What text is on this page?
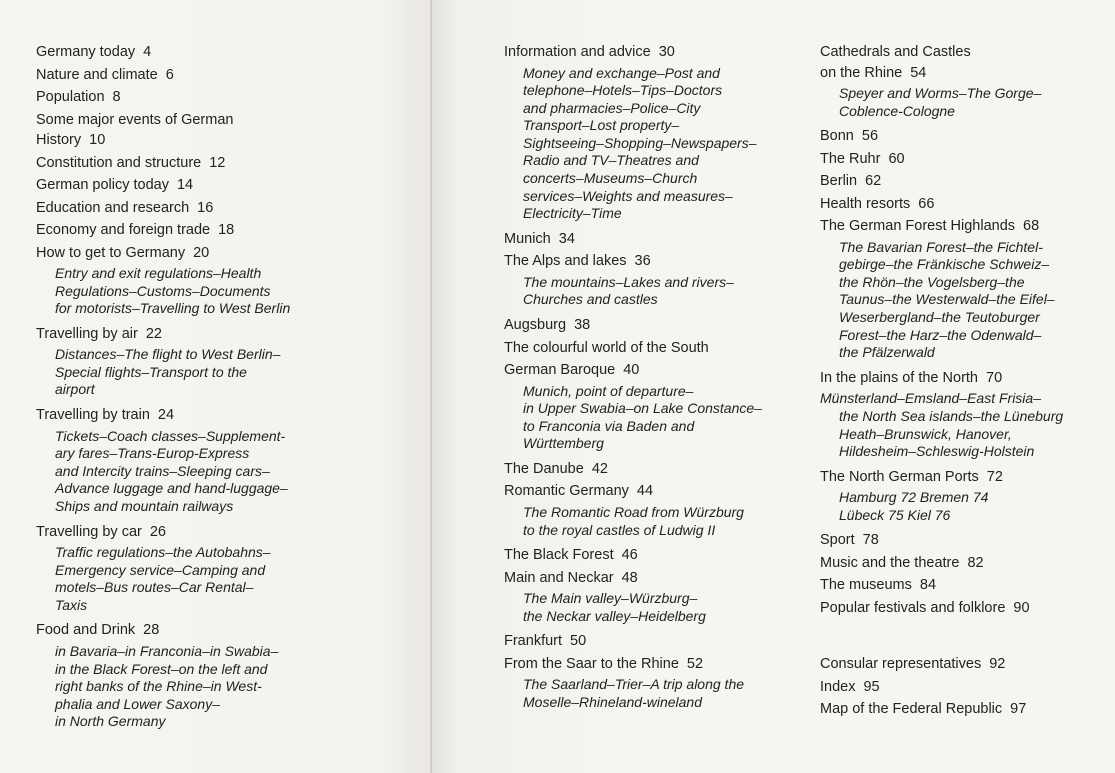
Germany today 4
Nature and climate 6
Population 8
Some major events of German
History 10
Constitution and structure 12
German policy today 14
Education and research 16
Economy and foreign trade 18
How to get to Germany 20
Entry and exit regulations–Health
Regulations–Customs–Documents
for motorists–Travelling to West Berlin
Travelling by air 22
Distances–The flight to West Berlin–
Special flights–Transport to the
airport
Travelling by train 24
Tickets–Coach classes–Supplement-
ary fares–Trans-Europ-Express
and Intercity trains–Sleeping cars–
Advance luggage and hand-luggage–
Ships and mountain railways
Travelling by car 26
Traffic regulations–the Autobahns–
Emergency service–Camping and
motels–Bus routes–Car Rental–
Taxis
Food and Drink 28
in Bavaria–in Franconia–in Swabia–
in the Black Forest–on the left and
right banks of the Rhine–in West-
phalia and Lower Saxony–
in North Germany
Information and advice 30
Money and exchange–Post and
telephone–Hotels–Tips–Doctors
and pharmacies–Police–City
Transport–Lost property–
Sightseeing–Shopping–Newspapers–
Radio and TV–Theatres and
concerts–Museums–Church
services–Weights and measures–
Electricity–Time
Munich 34
The Alps and lakes 36
The mountains–Lakes and rivers–
Churches and castles
Augsburg 38
The colourful world of the South
German Baroque 40
Munich, point of departure–
in Upper Swabia–on Lake Constance–
to Franconia via Baden and
Württemberg
The Danube 42
Romantic Germany 44
The Romantic Road from Würzburg
to the royal castles of Ludwig II
The Black Forest 46
Main and Neckar 48
The Main valley–Würzburg–
the Neckar valley–Heidelberg
Frankfurt 50
From the Saar to the Rhine 52
The Saarland–Trier–A trip along the
Moselle–Rhineland-wineland
Cathedrals and Castles
on the Rhine 54
Speyer and Worms–The Gorge–
Coblence-Cologne
Bonn 56
The Ruhr 60
Berlin 62
Health resorts 66
The German Forest Highlands 68
The Bavarian Forest–the Fichtel-
gebirge–the Fränkische Schweiz–
the Rhön–the Vogelsberg–the
Taunus–the Westerwald–the Eifel–
Weserbergland–the Teutoburger
Forest–the Harz–the Odenwald–
the Pfälzerwald
In the plains of the North 70
Münsterland–Emsland–East Frisia–
the North Sea islands–the Lüneburg
Heath–Brunswick, Hanover,
Hildesheim–Schleswig-Holstein
The North German Ports 72
Hamburg 72 Bremen 74
Lübeck 75 Kiel 76
Sport 78
Music and the theatre 82
The museums 84
Popular festivals and folklore 90
Consular representatives 92
Index 95
Map of the Federal Republic 97
